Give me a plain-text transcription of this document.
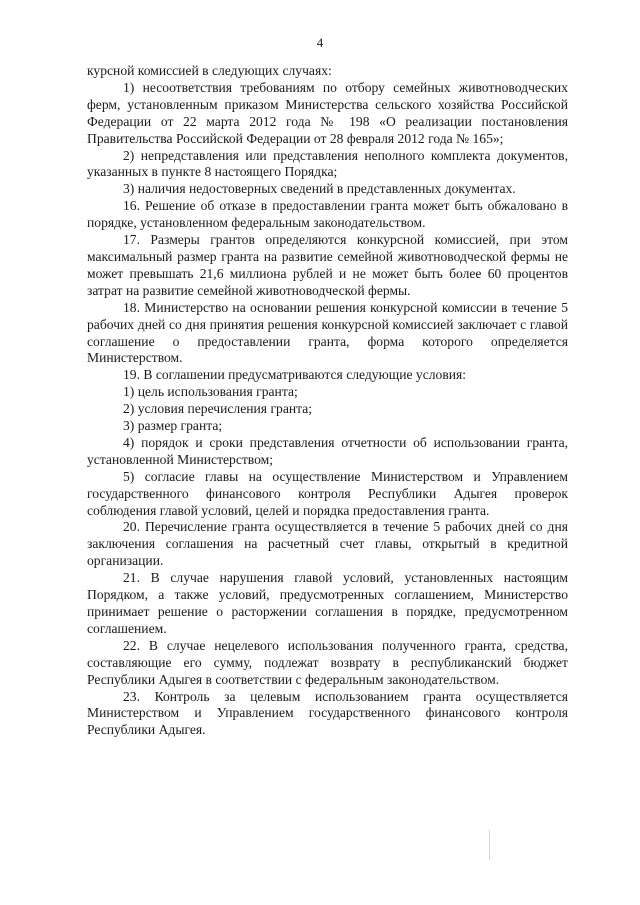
4

курсной комиссией в следующих случаях:

1) несоответствия требованиям по отбору семейных животноводческих ферм, установленным приказом Министерства сельского хозяйства Российской Федерации от 22 марта 2012 года № 198 «О реализации постановления Правительства Российской Федерации от 28 февраля 2012 года № 165»;

2) непредставления или представления неполного комплекта документов, указанных в пункте 8 настоящего Порядка;

3) наличия недостоверных сведений в представленных документах.

16. Решение об отказе в предоставлении гранта может быть обжаловано в порядке, установленном федеральным законодательством.

17. Размеры грантов определяются конкурсной комиссией, при этом максимальный размер гранта на развитие семейной животноводческой фермы не может превышать 21,6 миллиона рублей и не может быть более 60 процентов затрат на развитие семейной животноводческой фермы.

18. Министерство на основании решения конкурсной комиссии в течение 5 рабочих дней со дня принятия решения конкурсной комиссией заключает с главой соглашение о предоставлении гранта, форма которого определяется Министерством.

19. В соглашении предусматриваются следующие условия:

1) цель использования гранта;

2) условия перечисления гранта;

3) размер гранта;

4) порядок и сроки представления отчетности об использовании гранта, установленной Министерством;

5) согласие главы на осуществление Министерством и Управлением государственного финансового контроля Республики Адыгея проверок соблюдения главой условий, целей и порядка предоставления гранта.

20. Перечисление гранта осуществляется в течение 5 рабочих дней со дня заключения соглашения на расчетный счет главы, открытый в кредитной организации.

21. В случае нарушения главой условий, установленных настоящим Порядком, а также условий, предусмотренных соглашением, Министерство принимает решение о расторжении соглашения в порядке, предусмотренном соглашением.

22. В случае нецелевого использования полученного гранта, средства, составляющие его сумму, подлежат возврату в республиканский бюджет Республики Адыгея в соответствии с федеральным законодательством.

23. Контроль за целевым использованием гранта осуществляется Министерством и Управлением государственного финансового контроля Республики Адыгея.
